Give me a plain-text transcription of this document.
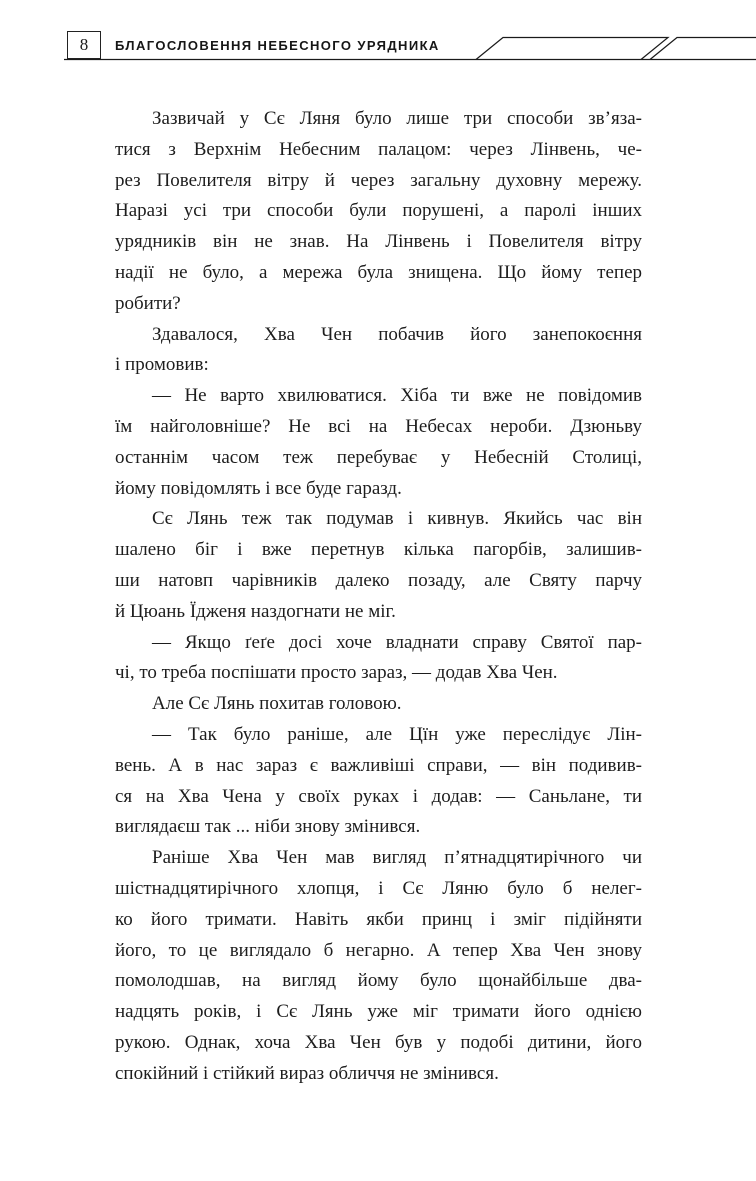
8 БЛАГОСЛОВЕННЯ НЕБЕСНОГО УРЯДНИКА
Зазвичай у Сє Ляня було лише три способи зв’яза-
тися з Верхнім Небесним палацом: через Лінвень, че-
рез Повелителя вітру й через загальну духовну мережу.
Наразі усі три способи були порушені, а паролі інших
урядників він не знав. На Лінвень і Повелителя вітру
надії не було, а мережа була знищена. Що йому тепер
робити?
Здавалося, Хва Чен побачив його занепокоєння
і промовив:
— Не варто хвилюватися. Хіба ти вже не повідомив
їм найголовніше? Не всі на Небесах нероби. Дзюньву
останнім часом теж перебуває у Небесній Столиці,
йому повідомлять і все буде гаразд.
Сє Лянь теж так подумав і кивнув. Якийсь час він
шалено біг і вже перетнув кілька пагорбів, залишив-
ши натовп чарівників далеко позаду, але Святу парчу
й Цюань Їдженя наздогнати не міг.
— Якщо ґеґе досі хоче владнати справу Святої пар-
чі, то треба поспішати просто зараз, — додав Хва Чен.
Але Сє Лянь похитав головою.
— Так було раніше, але Цїн уже переслідує Лін-
вень. А в нас зараз є важливіші справи, — він подивив-
ся на Хва Чена у своїх руках і додав: — Саньлане, ти
виглядаєш так ... ніби знову змінився.
Раніше Хва Чен мав вигляд п’ятнадцятирічного чи
шістнадцятирічного хлопця, і Сє Ляню було б нелег-
ко його тримати. Навіть якби принц і зміг підійняти
його, то це виглядало б негарно. А тепер Хва Чен знову
помолодшав, на вигляд йому було щонайбільше два-
надцять років, і Сє Лянь уже міг тримати його однією
рукою. Однак, хоча Хва Чен був у подобі дитини, його
спокійний і стійкий вираз обличчя не змінився.
